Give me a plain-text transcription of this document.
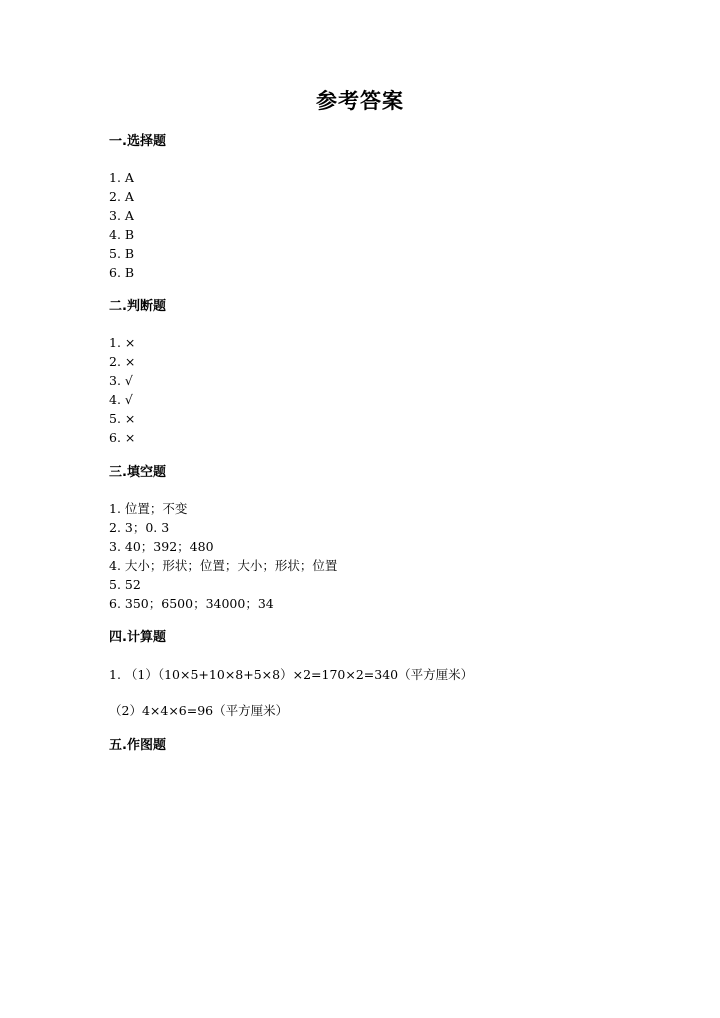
参考答案
一.选择题
1. A
2. A
3. A
4. B
5. B
6. B
二.判断题
1. ×
2. ×
3. √
4. √
5. ×
6. ×
三.填空题
1. 位置；不变
2. 3；0. 3
3. 40；392；480
4. 大小；形状；位置；大小；形状；位置
5. 52
6. 350；6500；34000；34
四.计算题
1. （1）（10×5+10×8+5×8）×2=170×2=340（平方厘米）
（2）4×4×6=96（平方厘米）
五.作图题
